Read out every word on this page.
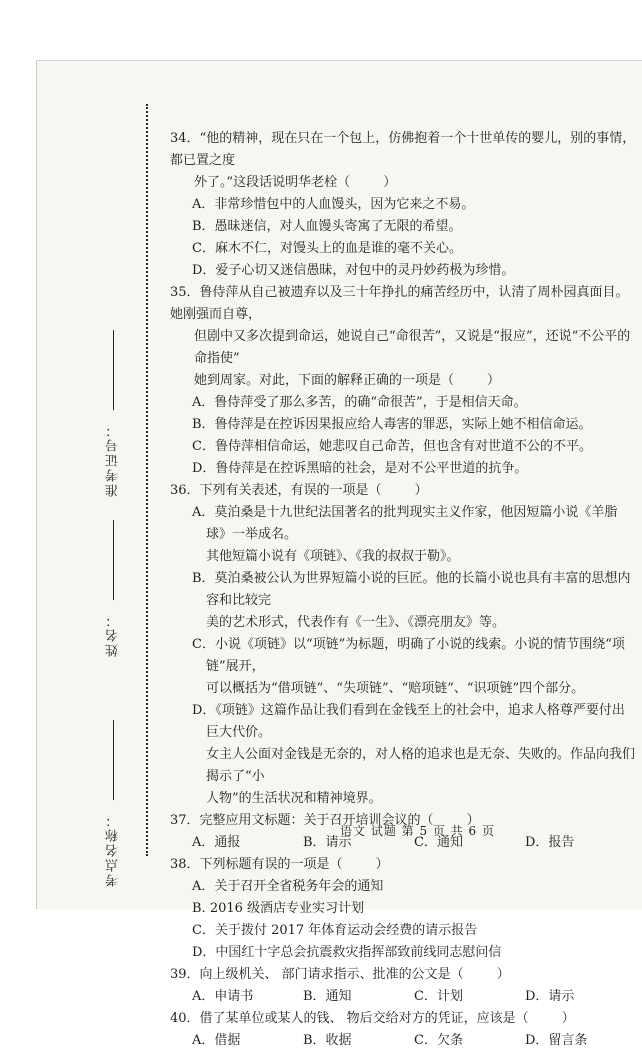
准考证号：
姓名：
考点名称：
34．“他的精神，现在只在一个包上，仿佛抱着一个十世单传的婴儿，别的事情，都已置之度
外了。”这段话说明华老栓（        ）
A．非常珍惜包中的人血馒头，因为它来之不易。
B．愚昧迷信，对人血馒头寄寓了无限的希望。
C．麻木不仁，对馒头上的血是谁的毫不关心。
D．爱子心切又迷信愚昧，对包中的灵丹妙药极为珍惜。
35．鲁侍萍从自己被遗弃以及三十年挣扎的痛苦经历中，认清了周朴园真面目。她刚强而自尊，
但剧中又多次提到命运，她说自己“命很苦”，又说是“报应”，还说“不公平的命指使”
她到周家。对此，下面的解释正确的一项是（        ）
A．鲁侍萍受了那么多苦，的确“命很苦”，于是相信天命。
B．鲁侍萍是在控诉因果报应给人毒害的罪恶，实际上她不相信命运。
C．鲁侍萍相信命运，她悲叹自己命苦，但也含有对世道不公的不平。
D．鲁侍萍是在控诉黑暗的社会，是对不公平世道的抗争。
36．下列有关表述，有误的一项是（        ）
A．莫泊桑是十九世纪法国著名的批判现实主义作家，他因短篇小说《羊脂球》一举成名。
其他短篇小说有《项链》、《我的叔叔于勒》。
B．莫泊桑被公认为世界短篇小说的巨匠。他的长篇小说也具有丰富的思想内容和比较完
美的艺术形式，代表作有《一生》、《漂亮朋友》等。
C．小说《项链》以“项链”为标题，明确了小说的线索。小说的情节围绕“项链”展开，
可以概括为“借项链”、“失项链”、“赔项链”、“识项链”四个部分。
D．《项链》这篇作品让我们看到在金钱至上的社会中，追求人格尊严要付出巨大代价。
女主人公面对金钱是无奈的，对人格的追求也是无奈、失败的。作品向我们揭示了“小
人物”的生活状况和精神境界。
37．完整应用文标题：关于召开培训会议的（        ）
A．通报	B．请示	C．通知	D．报告
38．下列标题有误的一项是（        ）
A．关于召开全省税务年会的通知
B. 2016 级酒店专业实习计划
C．关于拨付 2017 年体育运动会经费的请示报告
D．中国红十字总会抗震救灾指挥部致前线同志慰问信
39．向上级机关、 部门请求指示、批准的公文是（        ）
A．申请书	B．通知	C．计划	D．请示
40．借了某单位或某人的钱、 物后交给对方的凭证，应该是（        ）
A．借据	B．收据	C．欠条	D．留言条
语文 试题 第 5 页 共 6 页
